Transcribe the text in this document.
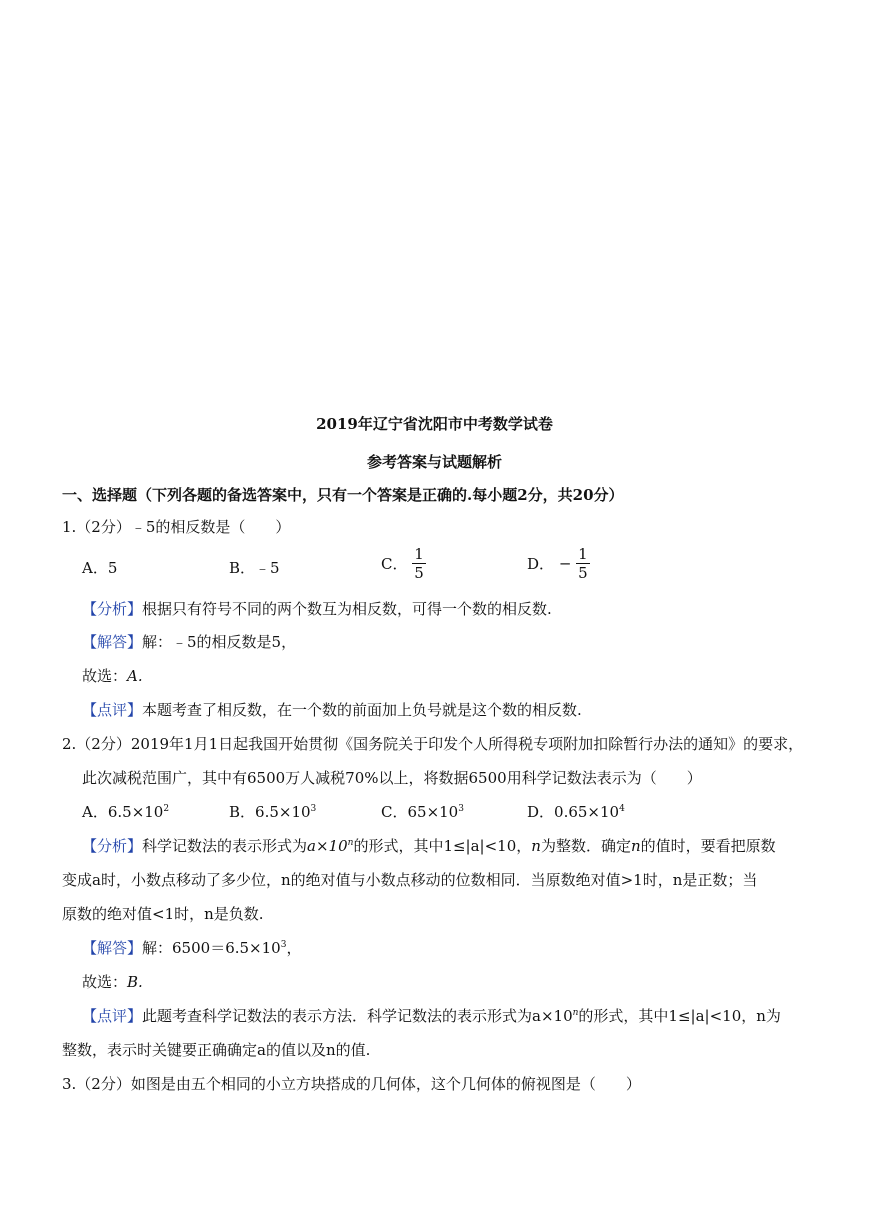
2019年辽宁省沈阳市中考数学试卷
参考答案与试题解析
一、选择题（下列各题的备选答案中，只有一个答案是正确的.每小题2分，共20分）
1.（2分）﹣5的相反数是（　　）
A．5	B．﹣5	C． $\frac{1}{5}$	D． − $\frac{1}{5}$
【分析】根据只有符号不同的两个数互为相反数，可得一个数的相反数.
【解答】解：﹣5的相反数是5，
故选：A.
【点评】本题考查了相反数，在一个数的前面加上负号就是这个数的相反数.
2.（2分）2019年1月1日起我国开始贯彻《国务院关于印发个人所得税专项附加扣除暂行办法的通知》的要求，
此次减税范围广，其中有6500万人减税70%以上，将数据6500用科学记数法表示为（　　）
A．$6.5\times 10^2$	B．$6.5\times 10^3$	C．$65\times 10^3$	D．$0.65\times 10^4$
【分析】科学记数法的表示形式为$a\times 10^n$的形式，其中1≤|a|<10，n为整数．确定n的值时，要看把原数
变成a时，小数点移动了多少位，n的绝对值与小数点移动的位数相同．当原数绝对值>1时，n是正数；当
原数的绝对值<1时，n是负数.
【解答】解：$6500=6.5\times 10^3$，
故选：B.
【点评】此题考查科学记数法的表示方法．科学记数法的表示形式为$a\times 10^n$的形式，其中1≤|a|<10，n为
整数，表示时关键要正确确定a的值以及n的值.
3.（2分）如图是由五个相同的小立方块搭成的几何体，这个几何体的俯视图是（　　）
